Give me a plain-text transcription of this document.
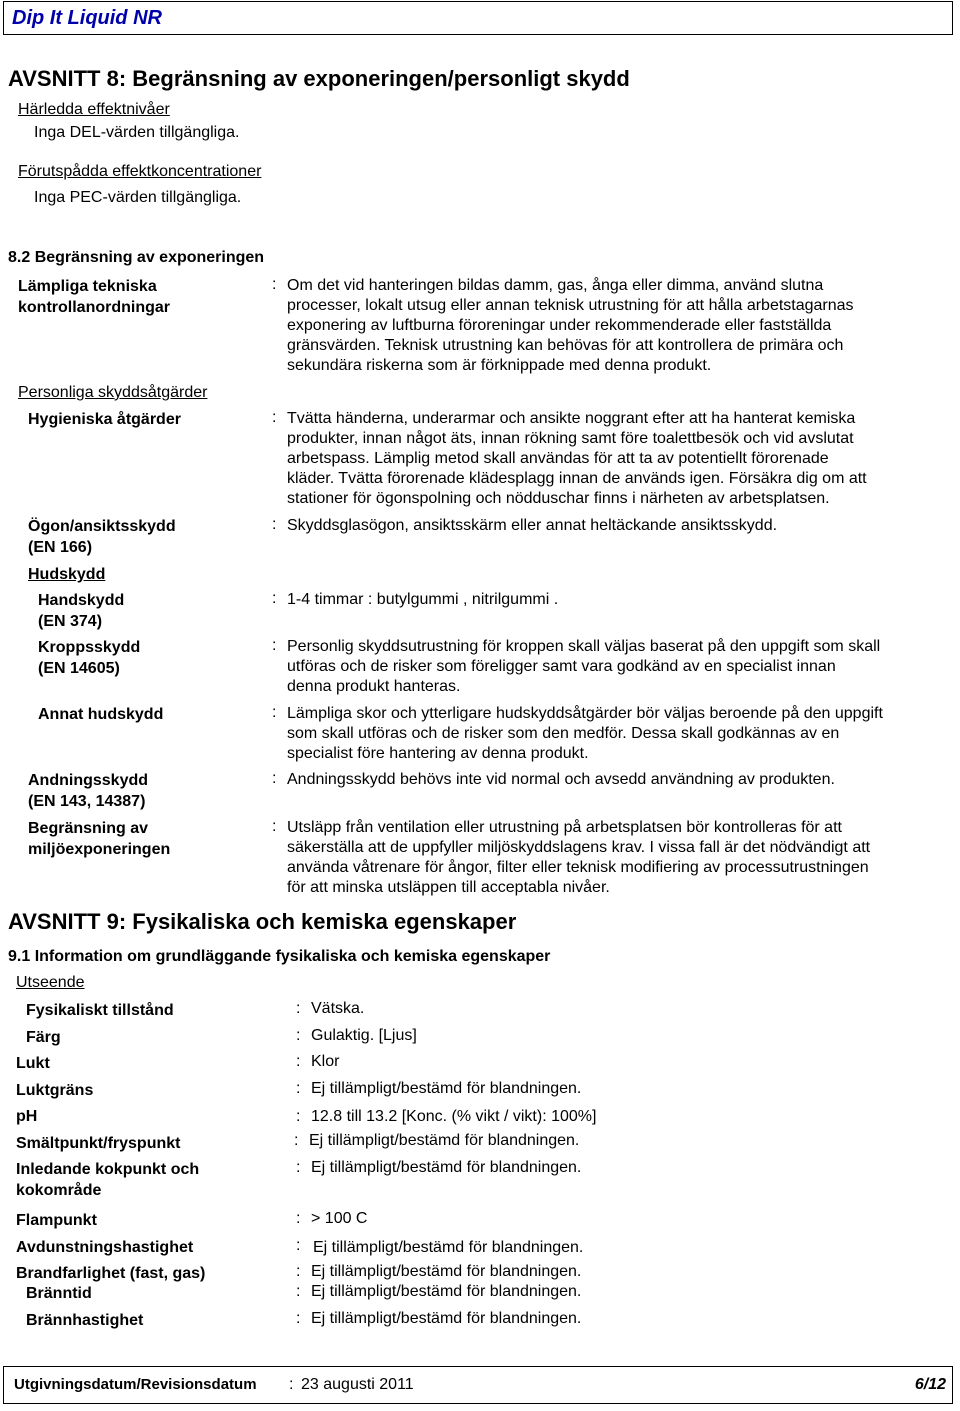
Dip It Liquid NR
AVSNITT 8: Begränsning av exponeringen/personligt skydd
Härledda effektnivåer
Inga DEL-värden tillgängliga.
Förutspådda effektkoncentrationer
Inga PEC-värden tillgängliga.
8.2 Begränsning av exponeringen
Lämpliga tekniska
kontrollanordningar
: Om det vid hanteringen bildas damm, gas, ånga eller dimma, använd slutna
processer, lokalt utsug eller annan teknisk utrustning för att hålla arbetstagarnas
exponering av luftburna föroreningar under rekommenderade eller fastställda
gränsvärden. Teknisk utrustning kan behövas för att kontrollera de primära och
sekundära riskerna som är förknippade med denna produkt.
Personliga skyddsåtgärder
Hygieniska åtgärder	: Tvätta händerna, underarmar och ansikte noggrant efter att ha hanterat kemiska
produkter, innan något äts, innan rökning samt före toalettbesök och vid avslutat
arbetspass. Lämplig metod skall användas för att ta av potentiellt förorenade
kläder. Tvätta förorenade klädesplagg innan de används igen. Försäkra dig om att
stationer för ögonspolning och nödduschar finns i närheten av arbetsplatsen.
Ögon/ansiktsskydd
(EN 166)
: Skyddsglasögon, ansiktsskärm eller annat heltäckande ansiktsskydd.
Hudskydd
Handskydd
(EN 374)
: 1-4 timmar : butylgummi , nitrilgummi .
Kroppsskydd
(EN 14605)
: Personlig skyddsutrustning för kroppen skall väljas baserat på den uppgift som skall
utföras och de risker som föreligger samt vara godkänd av en specialist innan
denna produkt hanteras.
Annat hudskydd	: Lämpliga skor och ytterligare hudskyddsåtgärder bör väljas beroende på den uppgift
som skall utföras och de risker som den medför. Dessa skall godkännas av en
specialist före hantering av denna produkt.
Andningsskydd
(EN 143, 14387)
: Andningsskydd behövs inte vid normal och avsedd användning av produkten.
Begränsning av
miljöexponeringen
: Utsläpp från ventilation eller utrustning på arbetsplatsen bör kontrolleras för att
säkerställa att de uppfyller miljöskyddslagens krav. I vissa fall är det nödvändigt att
använda våtrenare för ångor, filter eller teknisk modifiering av processutrustningen
för att minska utsläppen till acceptabla nivåer.
AVSNITT 9: Fysikaliska och kemiska egenskaper
9.1 Information om grundläggande fysikaliska och kemiska egenskaper
Utseende
Fysikaliskt tillstånd	: Vätska.
Färg	: Gulaktig. [Ljus]
Lukt	: Klor
Luktgräns	: Ej tillämpligt/bestämd för blandningen.
pH	: 12.8 till 13.2 [Konc. (% vikt / vikt): 100%]
Smältpunkt/fryspunkt	: Ej tillämpligt/bestämd för blandningen.
Inledande kokpunkt och
kokområde
: Ej tillämpligt/bestämd för blandningen.
Flampunkt	: > 100 C
Avdunstningshastighet	: Ej tillämpligt/bestämd för blandningen.
Brandfarlighet (fast, gas)	: Ej tillämpligt/bestämd för blandningen.
Bränntid	: Ej tillämpligt/bestämd för blandningen.
Brännhastighet	: Ej tillämpligt/bestämd för blandningen.
Utgivningsdatum/Revisionsdatum : 23 augusti 2011	6/12
